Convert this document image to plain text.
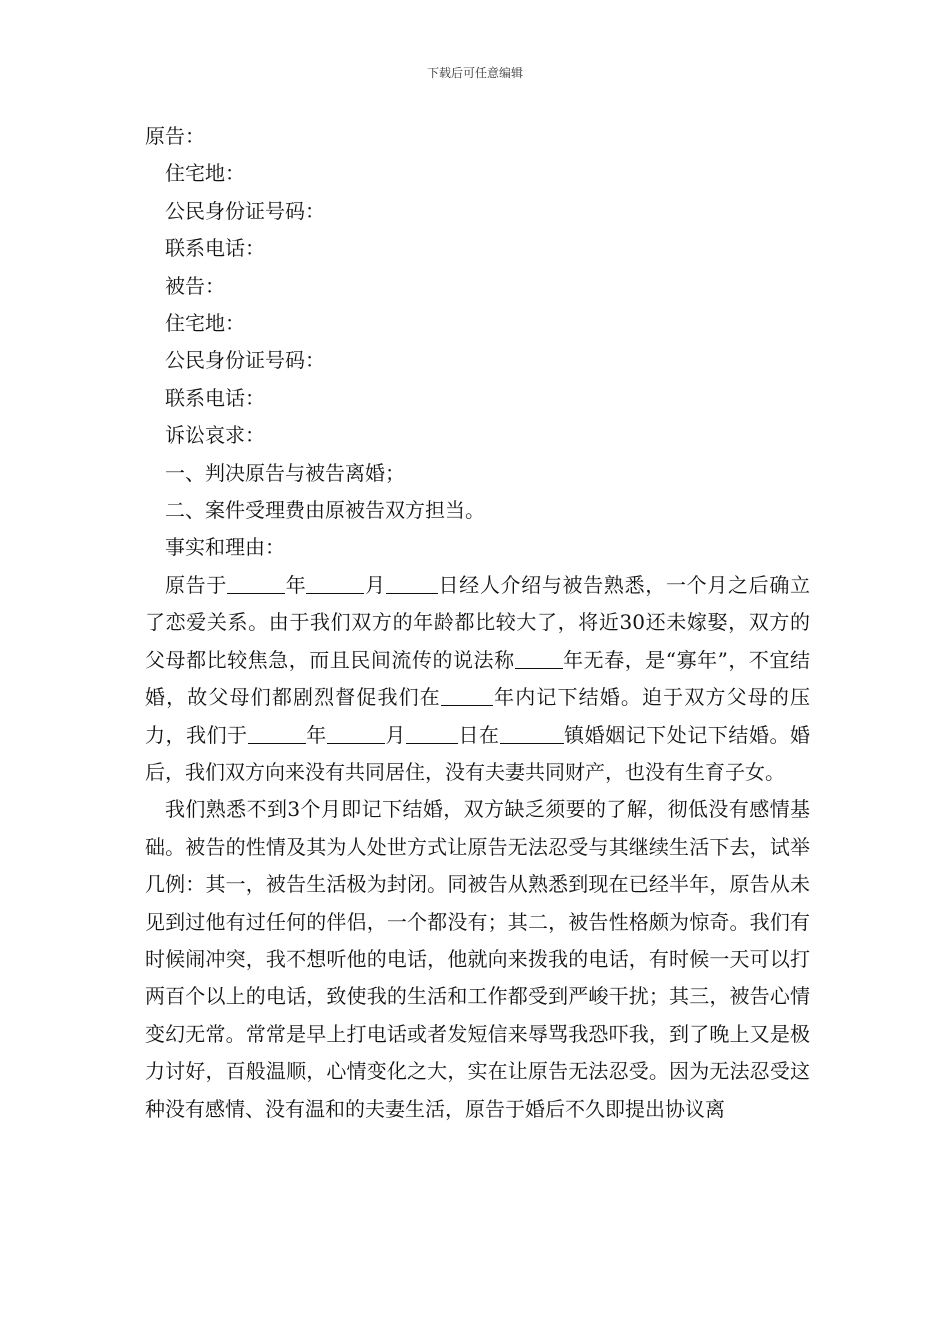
下载后可任意编辑
原告：
住宅地：
公民身份证号码：
联系电话：
被告：
住宅地：
公民身份证号码：
联系电话：
诉讼哀求：
一、判决原告与被告离婚；
二、案件受理费由原被告双方担当。
事实和理由：

原告于	年	月	日经人介绍与被告熟悉，一个月之后确立了恋爱关系。由于我们双方的年龄都比较大了，将近30还未嫁娶，双方的父母都比较焦急，而且民间流传的说法称 年无春，是“寡年”，不宜结婚，故父母们都剧烈督促我们在	年内记下结婚。迫于双方父母的压力，我们于	年	月	日在	镇婚姻记下处记下结婚。婚后，我们双方向来没有共同居住，没有夫妻共同财产，也没有生育子女。

我们熟悉不到3个月即记下结婚，双方缺乏须要的了解，彻低没有感情基础。被告的性情及其为人处世方式让原告无法忍受与其继续生活下去，试举几例：其一，被告生活极为封闭。同被告从熟悉到现在已经半年，原告从未见到过他有过任何的伴侣，一个都没有；其二，被告性格颇为惊奇。我们有时候闹冲突，我不想听他的电话，他就向来拨我的电话，有时候一天可以打两百个以上的电话，致使我的生活和工作都受到严峻干扰；其三，被告心情变幻无常。常常是早上打电话或者发短信来辱骂我恐吓我，到了晚上又是极力讨好，百般温顺，心情变化之大，实在让原告无法忍受。因为无法忍受这种没有感情、没有温和的夫妻生活，原告于婚后不久即提出协议离
